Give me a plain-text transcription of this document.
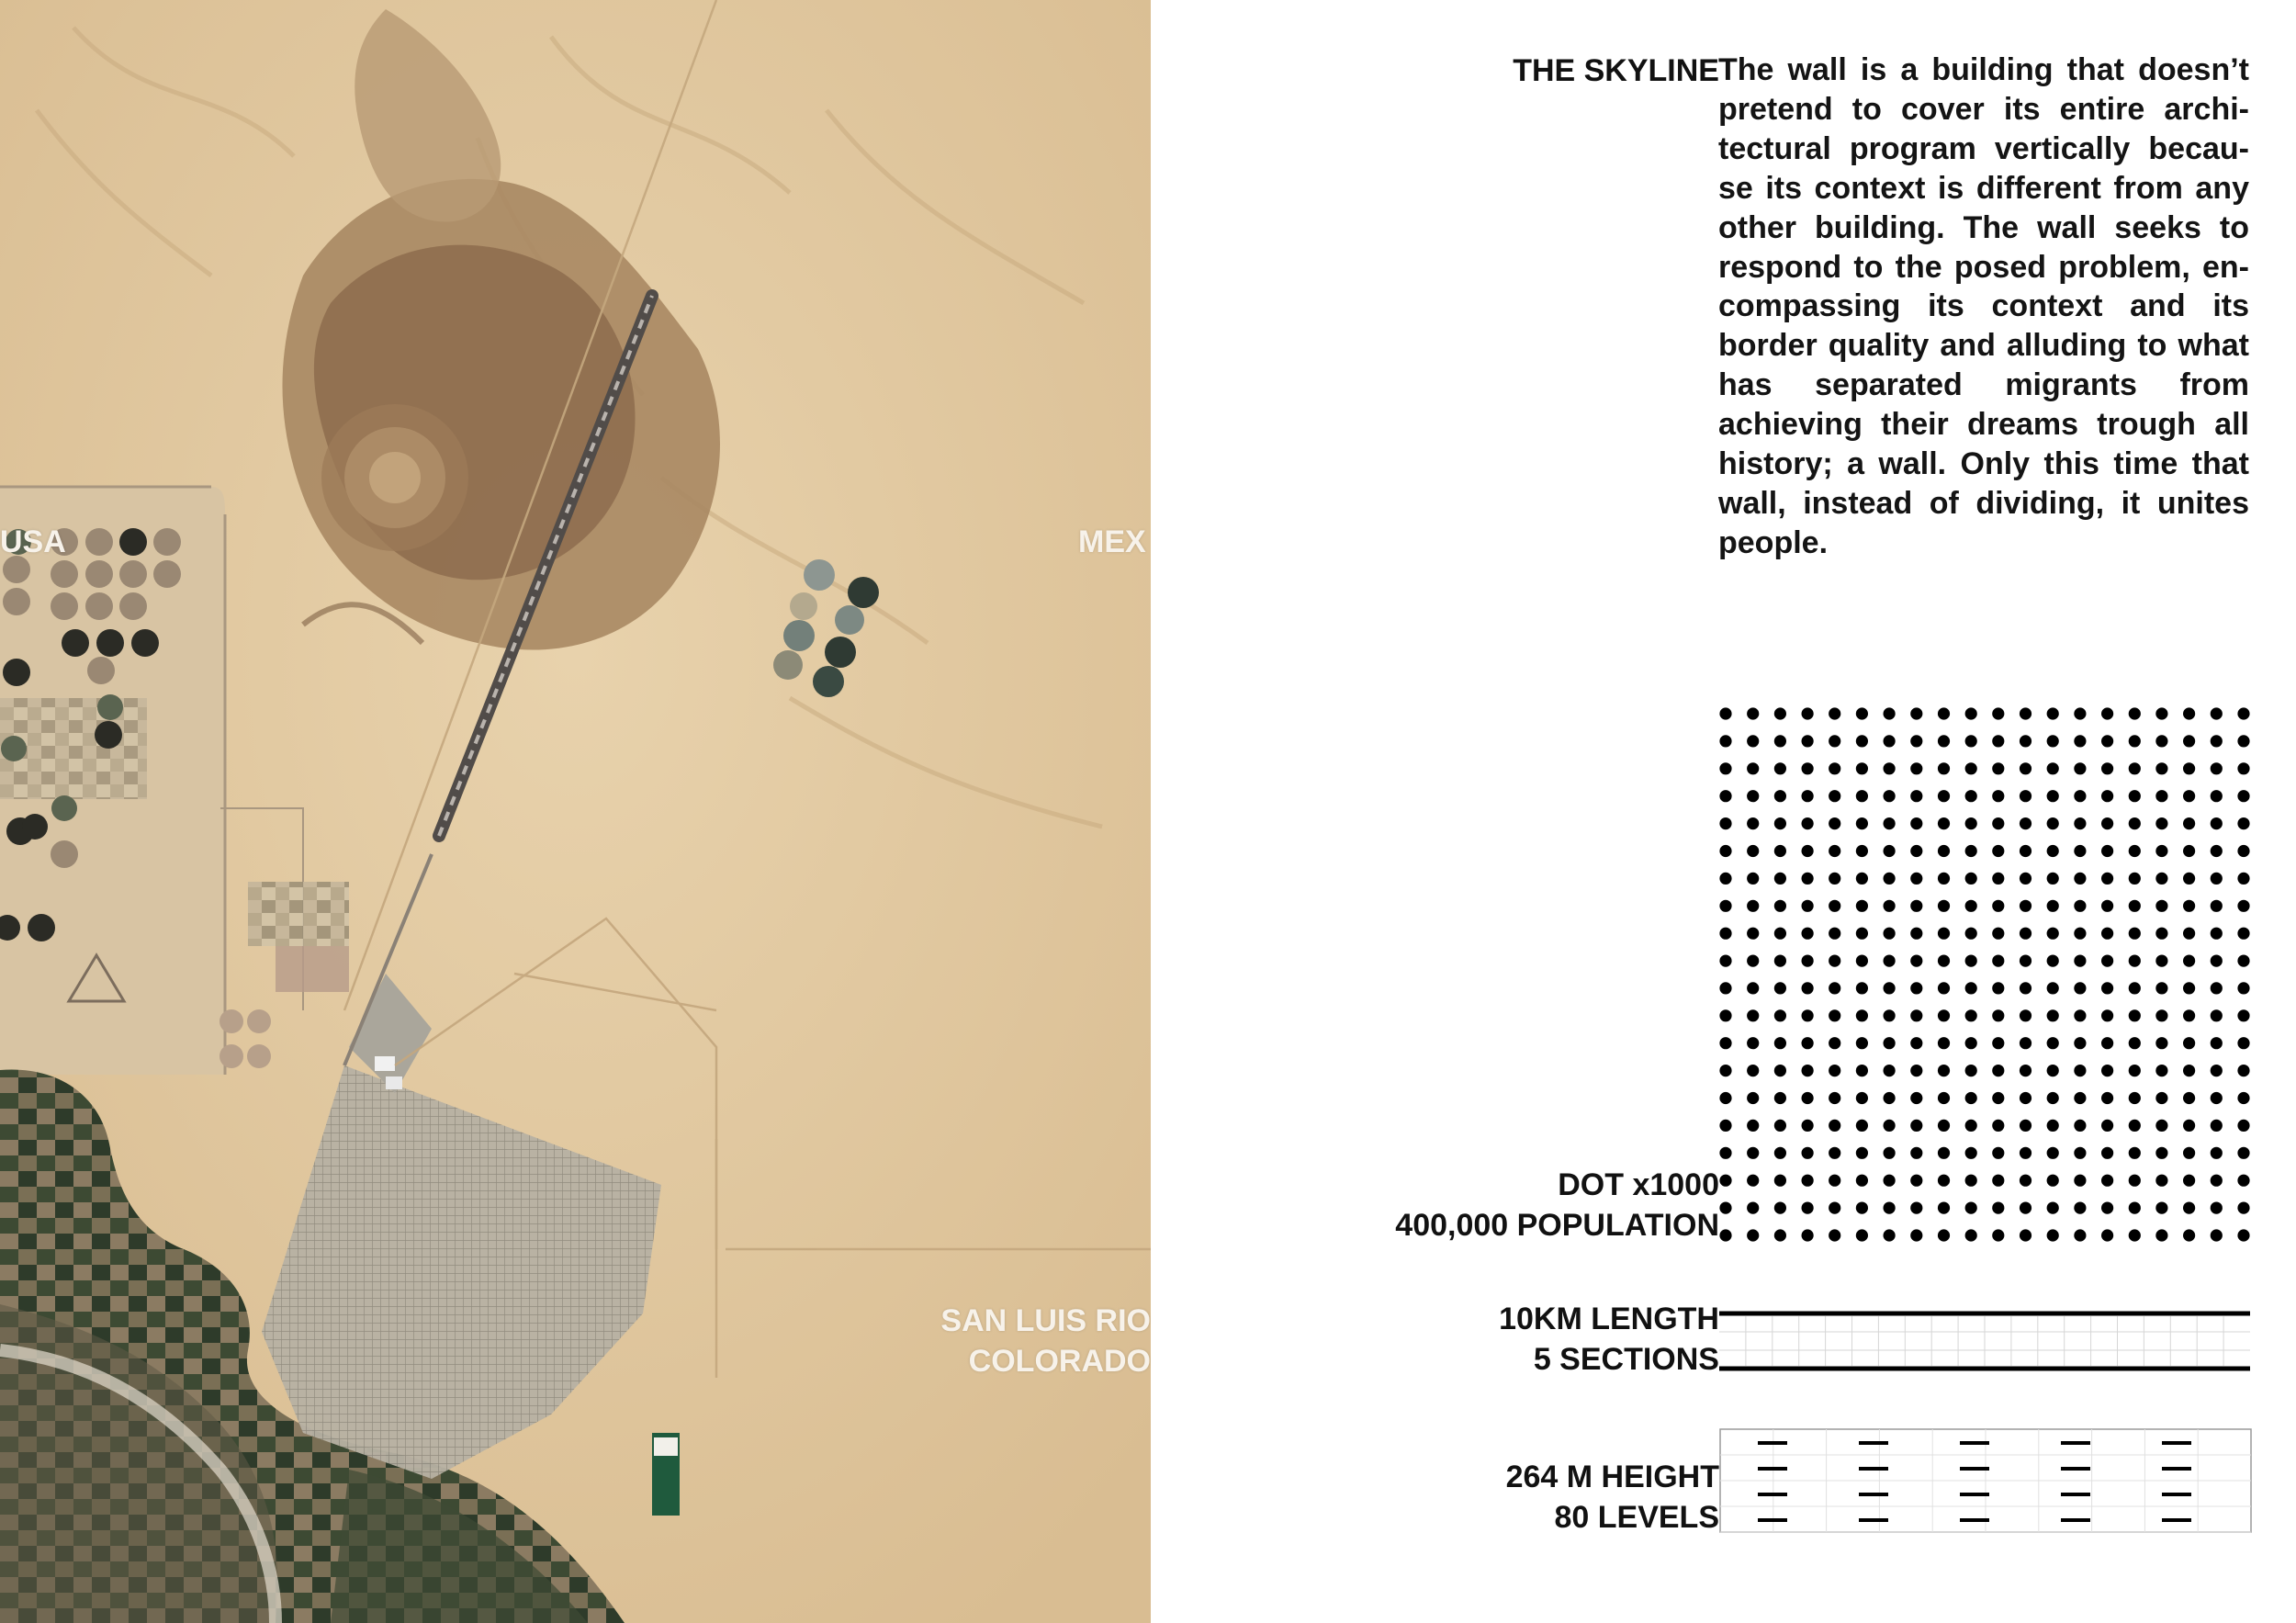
USA	MEX
SAN LUIS RIO
COLORADO
THE SKYLINE The wall is a building that doesn’t pretend to cover its entire archi-tectural program vertically becau-se its context is different from any other building. The wall seeks to respond to the posed problem, en-compassing its context and its border quality and alluding to what has separated migrants from achieving their dreams trough all history; a wall. Only this time that wall, instead of dividing, it unites people.

DOT x1000
400,000 POPULATION
10KM LENGTH
5 SECTIONS
264 M HEIGHT
80 LEVELS
